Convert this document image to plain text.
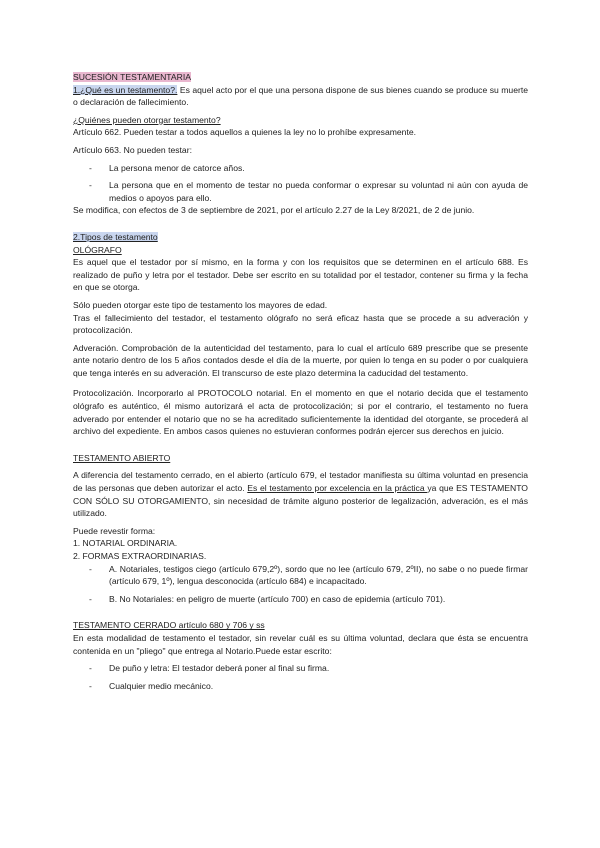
SUCESIÓN TESTAMENTARIA

1.¿Qué es un testamento?. Es aquel acto por el que una persona dispone de sus bienes cuando se produce su muerte o declaración de fallecimiento.

¿Quiénes pueden otorgar testamento?

Artículo 662. Pueden testar a todos aquellos a quienes la ley no lo prohíbe expresamente.

Artículo 663. No pueden testar:

- La persona menor de catorce años.
- La persona que en el momento de testar no pueda conformar o expresar su voluntad ni aún con ayuda de medios o apoyos para ello.

Se modifica, con efectos de 3 de septiembre de 2021, por el artículo 2.27 de la Ley 8/2021, de 2 de junio.

2.Tipos de testamento

OLÓGRAFO

Es aquel que el testador por sí mismo, en la forma y con los requisitos que se determinen en el artículo 688. Es realizado de puño y letra por el testador. Debe ser escrito en su totalidad por el testador, contener su firma y la fecha en que se otorga.

Sólo pueden otorgar este tipo de testamento los mayores de edad.

Tras el fallecimiento del testador, el testamento ológrafo no será eficaz hasta que se procede a su adveración y protocolización.

Adveración. Comprobación de la autenticidad del testamento, para lo cual el artículo 689 prescribe que se presente ante notario dentro de los 5 años contados desde el día de la muerte, por quien lo tenga en su poder o por cualquiera que tenga interés en su adveración. El transcurso de este plazo determina la caducidad del testamento.

Protocolización. Incorporarlo al PROTOCOLO notarial. En el momento en que el notario decida que el testamento ológrafo es auténtico, él mismo autorizará el acta de protocolización; si por el contrario, el testamento no fuera adverado por entender el notario que no se ha acreditado suficientemente la identidad del otorgante, se procederá al archivo del expediente. En ambos casos quienes no estuvieran conformes podrán ejercer sus derechos en juicio.

TESTAMENTO ABIERTO

A diferencia del testamento cerrado, en el abierto (artículo 679, el testador manifiesta su última voluntad en presencia de las personas que deben autorizar el acto. Es el testamento por excelencia en la práctica ya que ES TESTAMENTO CON SÓLO SU OTORGAMIENTO, sin necesidad de trámite alguno posterior de legalización, adveración, es el más utilizado.

Puede revestir forma:

1. NOTARIAL ORDINARIA.

2. FORMAS EXTRAORDINARIAS.

- A. Notariales, testigos ciego (artículo 679,2º), sordo que no lee (artículo 679, 2ºII), no sabe o no puede firmar (artículo 679, 1º), lengua desconocida (artículo 684) e incapacitado.
- B. No Notariales: en peligro de muerte (artículo 700) en caso de epidemia (artículo 701).

TESTAMENTO CERRADO artículo 680 y 706 y ss

En esta modalidad de testamento el testador, sin revelar cuál es su última voluntad, declara que ésta se encuentra contenida en un "pliego" que entrega al Notario.Puede estar escrito:

- De puño y letra: El testador deberá poner al final su firma.
- Cualquier medio mecánico.
